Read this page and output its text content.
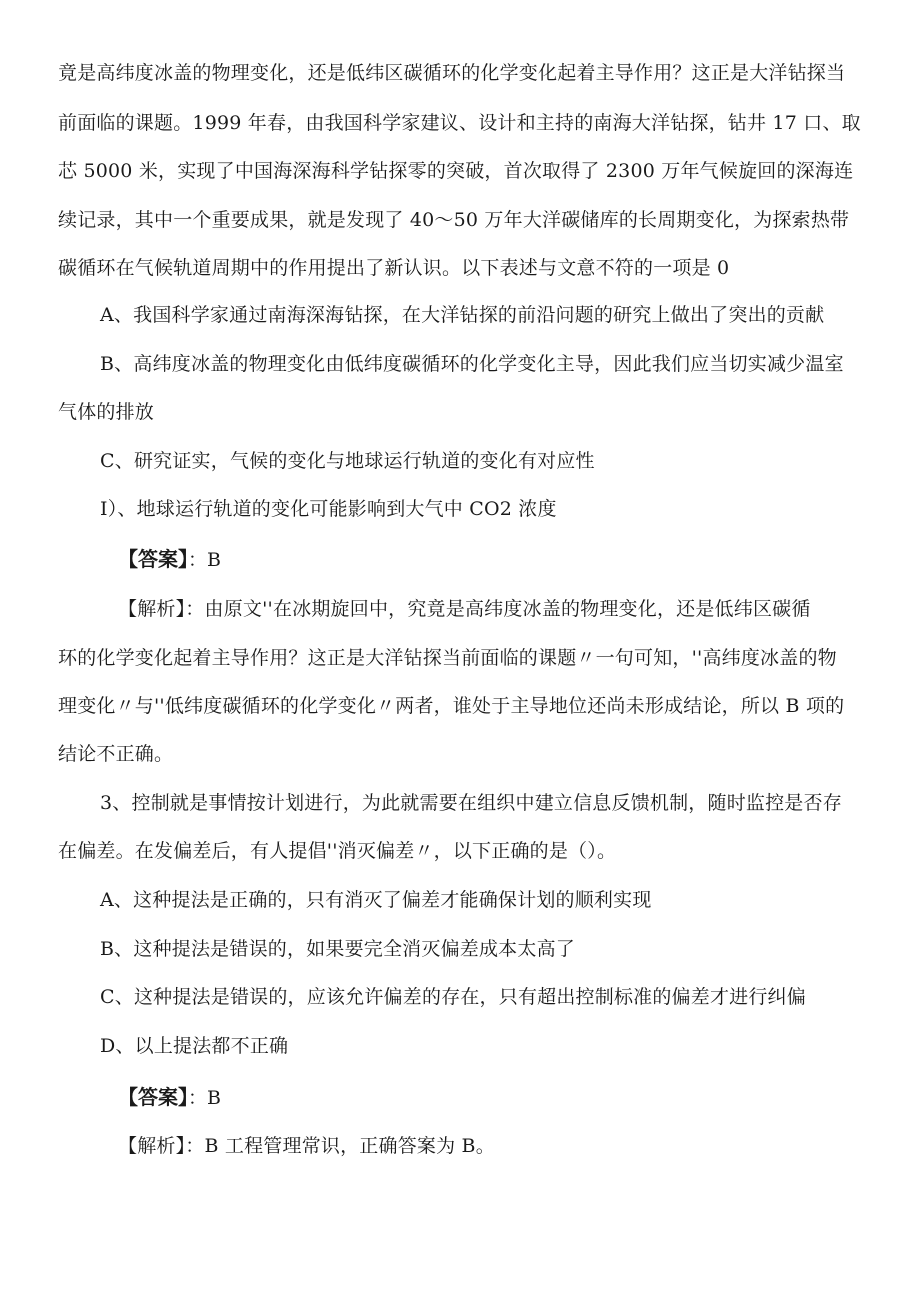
竟是高纬度冰盖的物理变化，还是低纬区碳循环的化学变化起着主导作用？这正是大洋钻探当
前面临的课题。1999 年春，由我国科学家建议、设计和主持的南海大洋钻探，钻井 17 口、取
芯 5000 米，实现了中国海深海科学钻探零的突破，首次取得了 2300 万年气候旋回的深海连
续记录，其中一个重要成果，就是发现了 40～50 万年大洋碳储库的长周期变化，为探索热带
碳循环在气候轨道周期中的作用提出了新认识。以下表述与文意不符的一项是 0
A、我国科学家通过南海深海钻探，在大洋钻探的前沿问题的研究上做出了突出的贡献
B、高纬度冰盖的物理变化由低纬度碳循环的化学变化主导，因此我们应当切实减少温室
气体的排放
C、研究证实，气候的变化与地球运行轨道的变化有对应性
I）、地球运行轨道的变化可能影响到大气中 CO2 浓度
【答案】：B
【解析】：由原文''在冰期旋回中，究竟是高纬度冰盖的物理变化，还是低纬区碳循
环的化学变化起着主导作用？这正是大洋钻探当前面临的课题〃一句可知，''高纬度冰盖的物
理变化〃与''低纬度碳循环的化学变化〃两者，谁处于主导地位还尚未形成结论，所以 B 项的
结论不正确。
3、控制就是事情按计划进行，为此就需要在组织中建立信息反馈机制，随时监控是否存
在偏差。在发偏差后，有人提倡''消灭偏差〃，以下正确的是（）。
A、这种提法是正确的，只有消灭了偏差才能确保计划的顺利实现
B、这种提法是错误的，如果要完全消灭偏差成本太高了
C、这种提法是错误的，应该允许偏差的存在，只有超出控制标准的偏差才进行纠偏
D、以上提法都不正确
【答案】：B
【解析】：B 工程管理常识，正确答案为 B。
